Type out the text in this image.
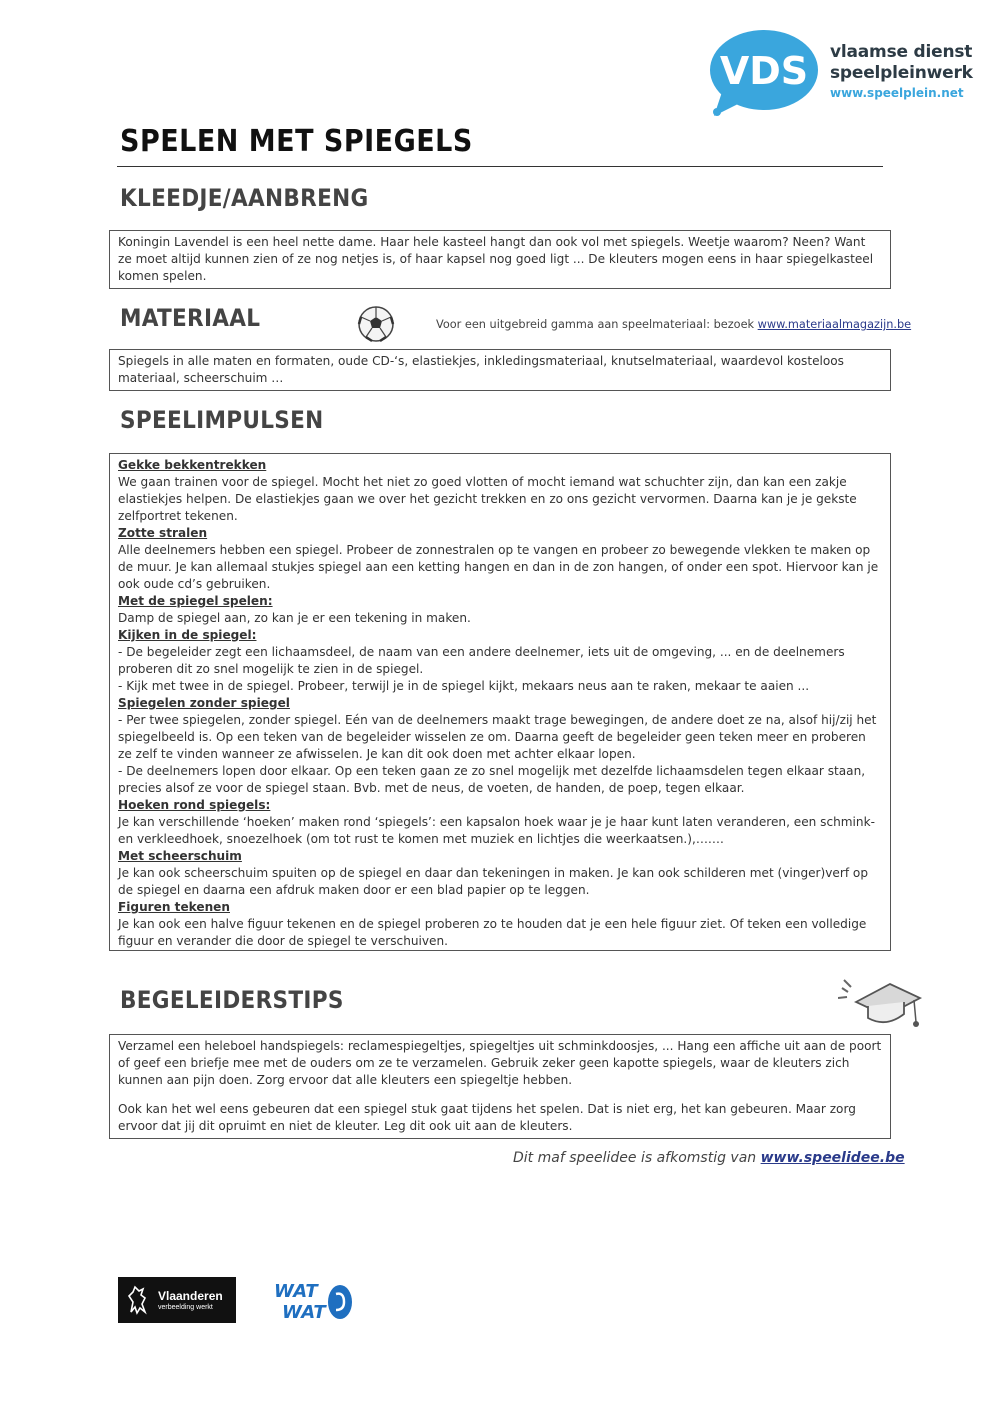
VDS vlaamse dienst
speelpleinwerk
www.speelplein.net
SPELEN MET SPIEGELS
KLEEDJE/AANBRENG

Koningin Lavendel is een heel nette dame. Haar hele kasteel hangt dan ook vol met spiegels. Weetje waarom? Neen? Want ze moet altijd kunnen zien of ze nog netjes is, of haar kapsel nog goed ligt ... De kleuters mogen eens in haar spiegelkasteel komen spelen.

MATERIAAL	Voor een uitgebreid gamma aan speelmateriaal: bezoek www.materiaalmagazijn.be

Spiegels in alle maten en formaten, oude CD-‘s, elastiekjes, inkledingsmateriaal, knutselmateriaal, waardevol kosteloos materiaal, scheerschuim …

SPEELIMPULSEN
Gekke bekkentrekken

We gaan trainen voor de spiegel. Mocht het niet zo goed vlotten of mocht iemand wat schuchter zijn, dan kan een zakje elastiekjes helpen. De elastiekjes gaan we over het gezicht trekken en zo ons gezicht vervormen. Daarna kan je je gekste zelfportret tekenen.

Zotte stralen

Alle deelnemers hebben een spiegel. Probeer de zonnestralen op te vangen en probeer zo bewegende vlekken te maken op de muur. Je kan allemaal stukjes spiegel aan een ketting hangen en dan in de zon hangen, of onder een spot. Hiervoor kan je ook oude cd’s gebruiken.

Met de spiegel spelen:

Damp de spiegel aan, zo kan je er een tekening in maken.

Kijken in de spiegel:

- De begeleider zegt een lichaamsdeel, de naam van een andere deelnemer, iets uit de omgeving, ... en de deelnemers proberen dit zo snel mogelijk te zien in de spiegel.

- Kijk met twee in de spiegel. Probeer, terwijl je in de spiegel kijkt, mekaars neus aan te raken, mekaar te aaien ...

Spiegelen zonder spiegel

- Per twee spiegelen, zonder spiegel. Eén van de deelnemers maakt trage bewegingen, de andere doet ze na, alsof hij/zij het spiegelbeeld is. Op een teken van de begeleider wisselen ze om. Daarna geeft de begeleider geen teken meer en proberen ze zelf te vinden wanneer ze afwisselen. Je kan dit ook doen met achter elkaar lopen.

- De deelnemers lopen door elkaar. Op een teken gaan ze zo snel mogelijk met dezelfde lichaamsdelen tegen elkaar staan, precies alsof ze voor de spiegel staan. Bvb. met de neus, de voeten, de handen, de poep, tegen elkaar.

Hoeken rond spiegels:

Je kan verschillende ‘hoeken’ maken rond ‘spiegels’: een kapsalon hoek waar je je haar kunt laten veranderen, een schmink- en verkleedhoek, snoezelhoek (om tot rust te komen met muziek en lichtjes die weerkaatsen.),…….

Met scheerschuim

Je kan ook scheerschuim spuiten op de spiegel en daar dan tekeningen in maken. Je kan ook schilderen met (vinger)verf op de spiegel en daarna een afdruk maken door er een blad papier op te leggen.

Figuren tekenen

Je kan ook een halve figuur tekenen en de spiegel proberen zo te houden dat je een hele figuur ziet. Of teken een volledige figuur en verander die door de spiegel te verschuiven.

BEGELEIDERSTIPS

Verzamel een heleboel handspiegels: reclamespiegeltjes, spiegeltjes uit schminkdoosjes, ... Hang een affiche uit aan de poort of geef een briefje mee met de ouders om ze te verzamelen. Gebruik zeker geen kapotte spiegels, waar de kleuters zich kunnen aan pijn doen. Zorg ervoor dat alle kleuters een spiegeltje hebben.

Ook kan het wel eens gebeuren dat een spiegel stuk gaat tijdens het spelen. Dat is niet erg, het kan gebeuren. Maar zorg ervoor dat jij dit opruimt en niet de kleuter. Leg dit ook uit aan de kleuters.

Dit maf speelidee is afkomstig van www.speelidee.be
Vlaanderen
verbeelding werkt
WAT
WAT
